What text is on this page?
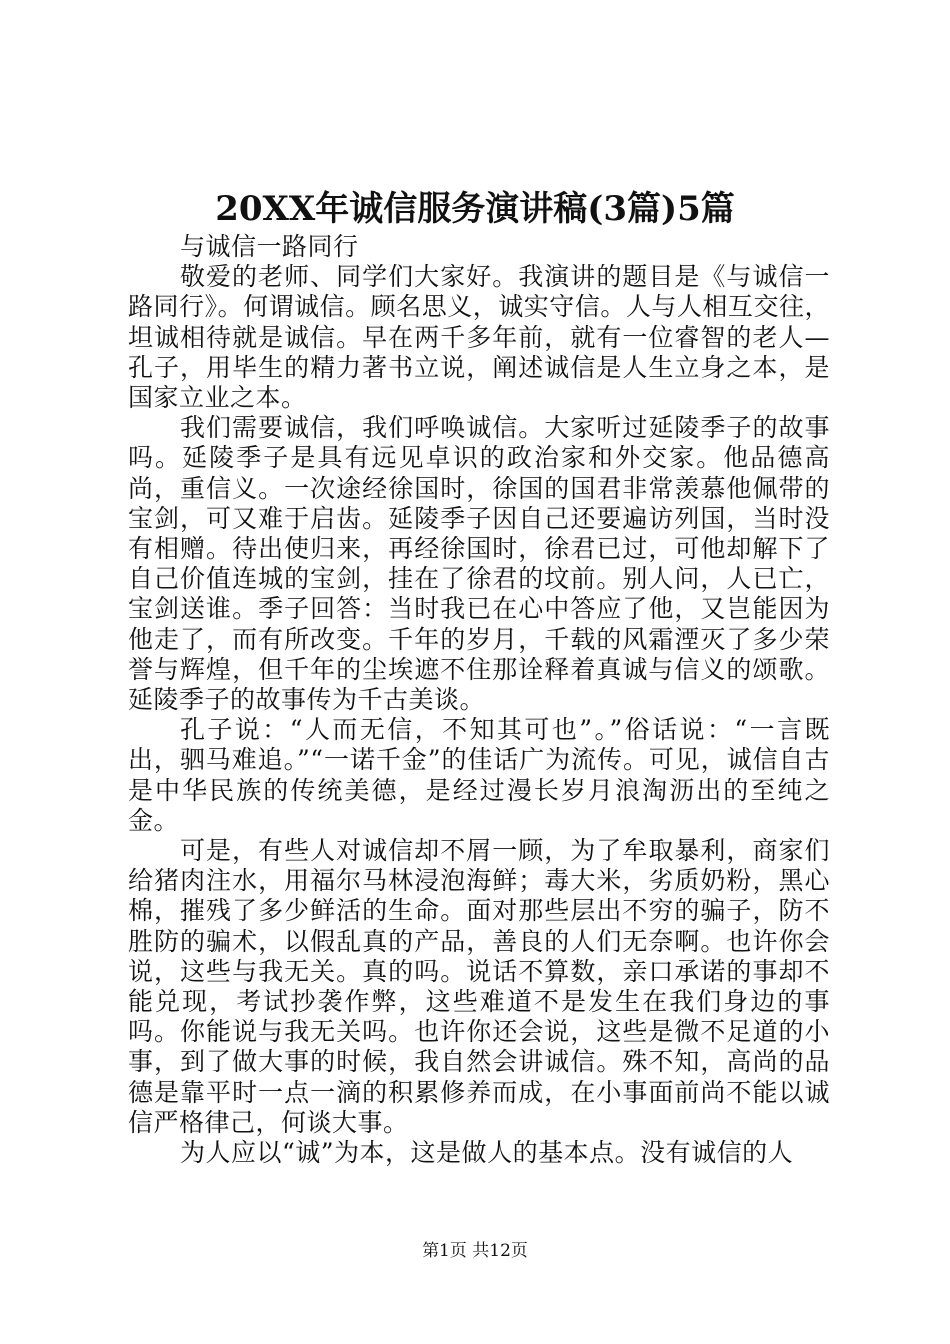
20XX年诚信服务演讲稿(3篇)5篇

与诚信一路同行

敬爱的老师、同学们大家好。我演讲的题目是《与诚信一路同行》。何谓诚信。顾名思义，诚实守信。人与人相互交往，坦诚相待就是诚信。早在两千多年前，就有一位睿智的老人—孔子，用毕生的精力著书立说，阐述诚信是人生立身之本，是国家立业之本。

我们需要诚信，我们呼唤诚信。大家听过延陵季子的故事吗。延陵季子是具有远见卓识的政治家和外交家。他品德高尚，重信义。一次途经徐国时，徐国的国君非常羡慕他佩带的宝剑，可又难于启齿。延陵季子因自己还要遍访列国，当时没有相赠。待出使归来，再经徐国时，徐君已过，可他却解下了自己价值连城的宝剑，挂在了徐君的坟前。别人问，人已亡，宝剑送谁。季子回答：当时我已在心中答应了他，又岂能因为他走了，而有所改变。千年的岁月，千载的风霜湮灭了多少荣誉与辉煌，但千年的尘埃遮不住那诠释着真诚与信义的颂歌。延陵季子的故事传为千古美谈。

孔子说：“人而无信，不知其可也”。”俗话说：“一言既出，驷马难追。”“一诺千金”的佳话广为流传。可见，诚信自古是中华民族的传统美德，是经过漫长岁月浪淘沥出的至纯之金。

可是，有些人对诚信却不屑一顾，为了牟取暴利，商家们给猪肉注水，用福尔马林浸泡海鲜；毒大米，劣质奶粉，黑心棉，摧残了多少鲜活的生命。面对那些层出不穷的骗子，防不胜防的骗术，以假乱真的产品，善良的人们无奈啊。也许你会说，这些与我无关。真的吗。说话不算数，亲口承诺的事却不能兑现，考试抄袭作弊，这些难道不是发生在我们身边的事吗。你能说与我无关吗。也许你还会说，这些是微不足道的小事，到了做大事的时候，我自然会讲诚信。殊不知，高尚的品德是靠平时一点一滴的积累修养而成，在小事面前尚不能以诚信严格律己，何谈大事。

为人应以“诚”为本，这是做人的基本点。没有诚信的人

第1页 共12页
